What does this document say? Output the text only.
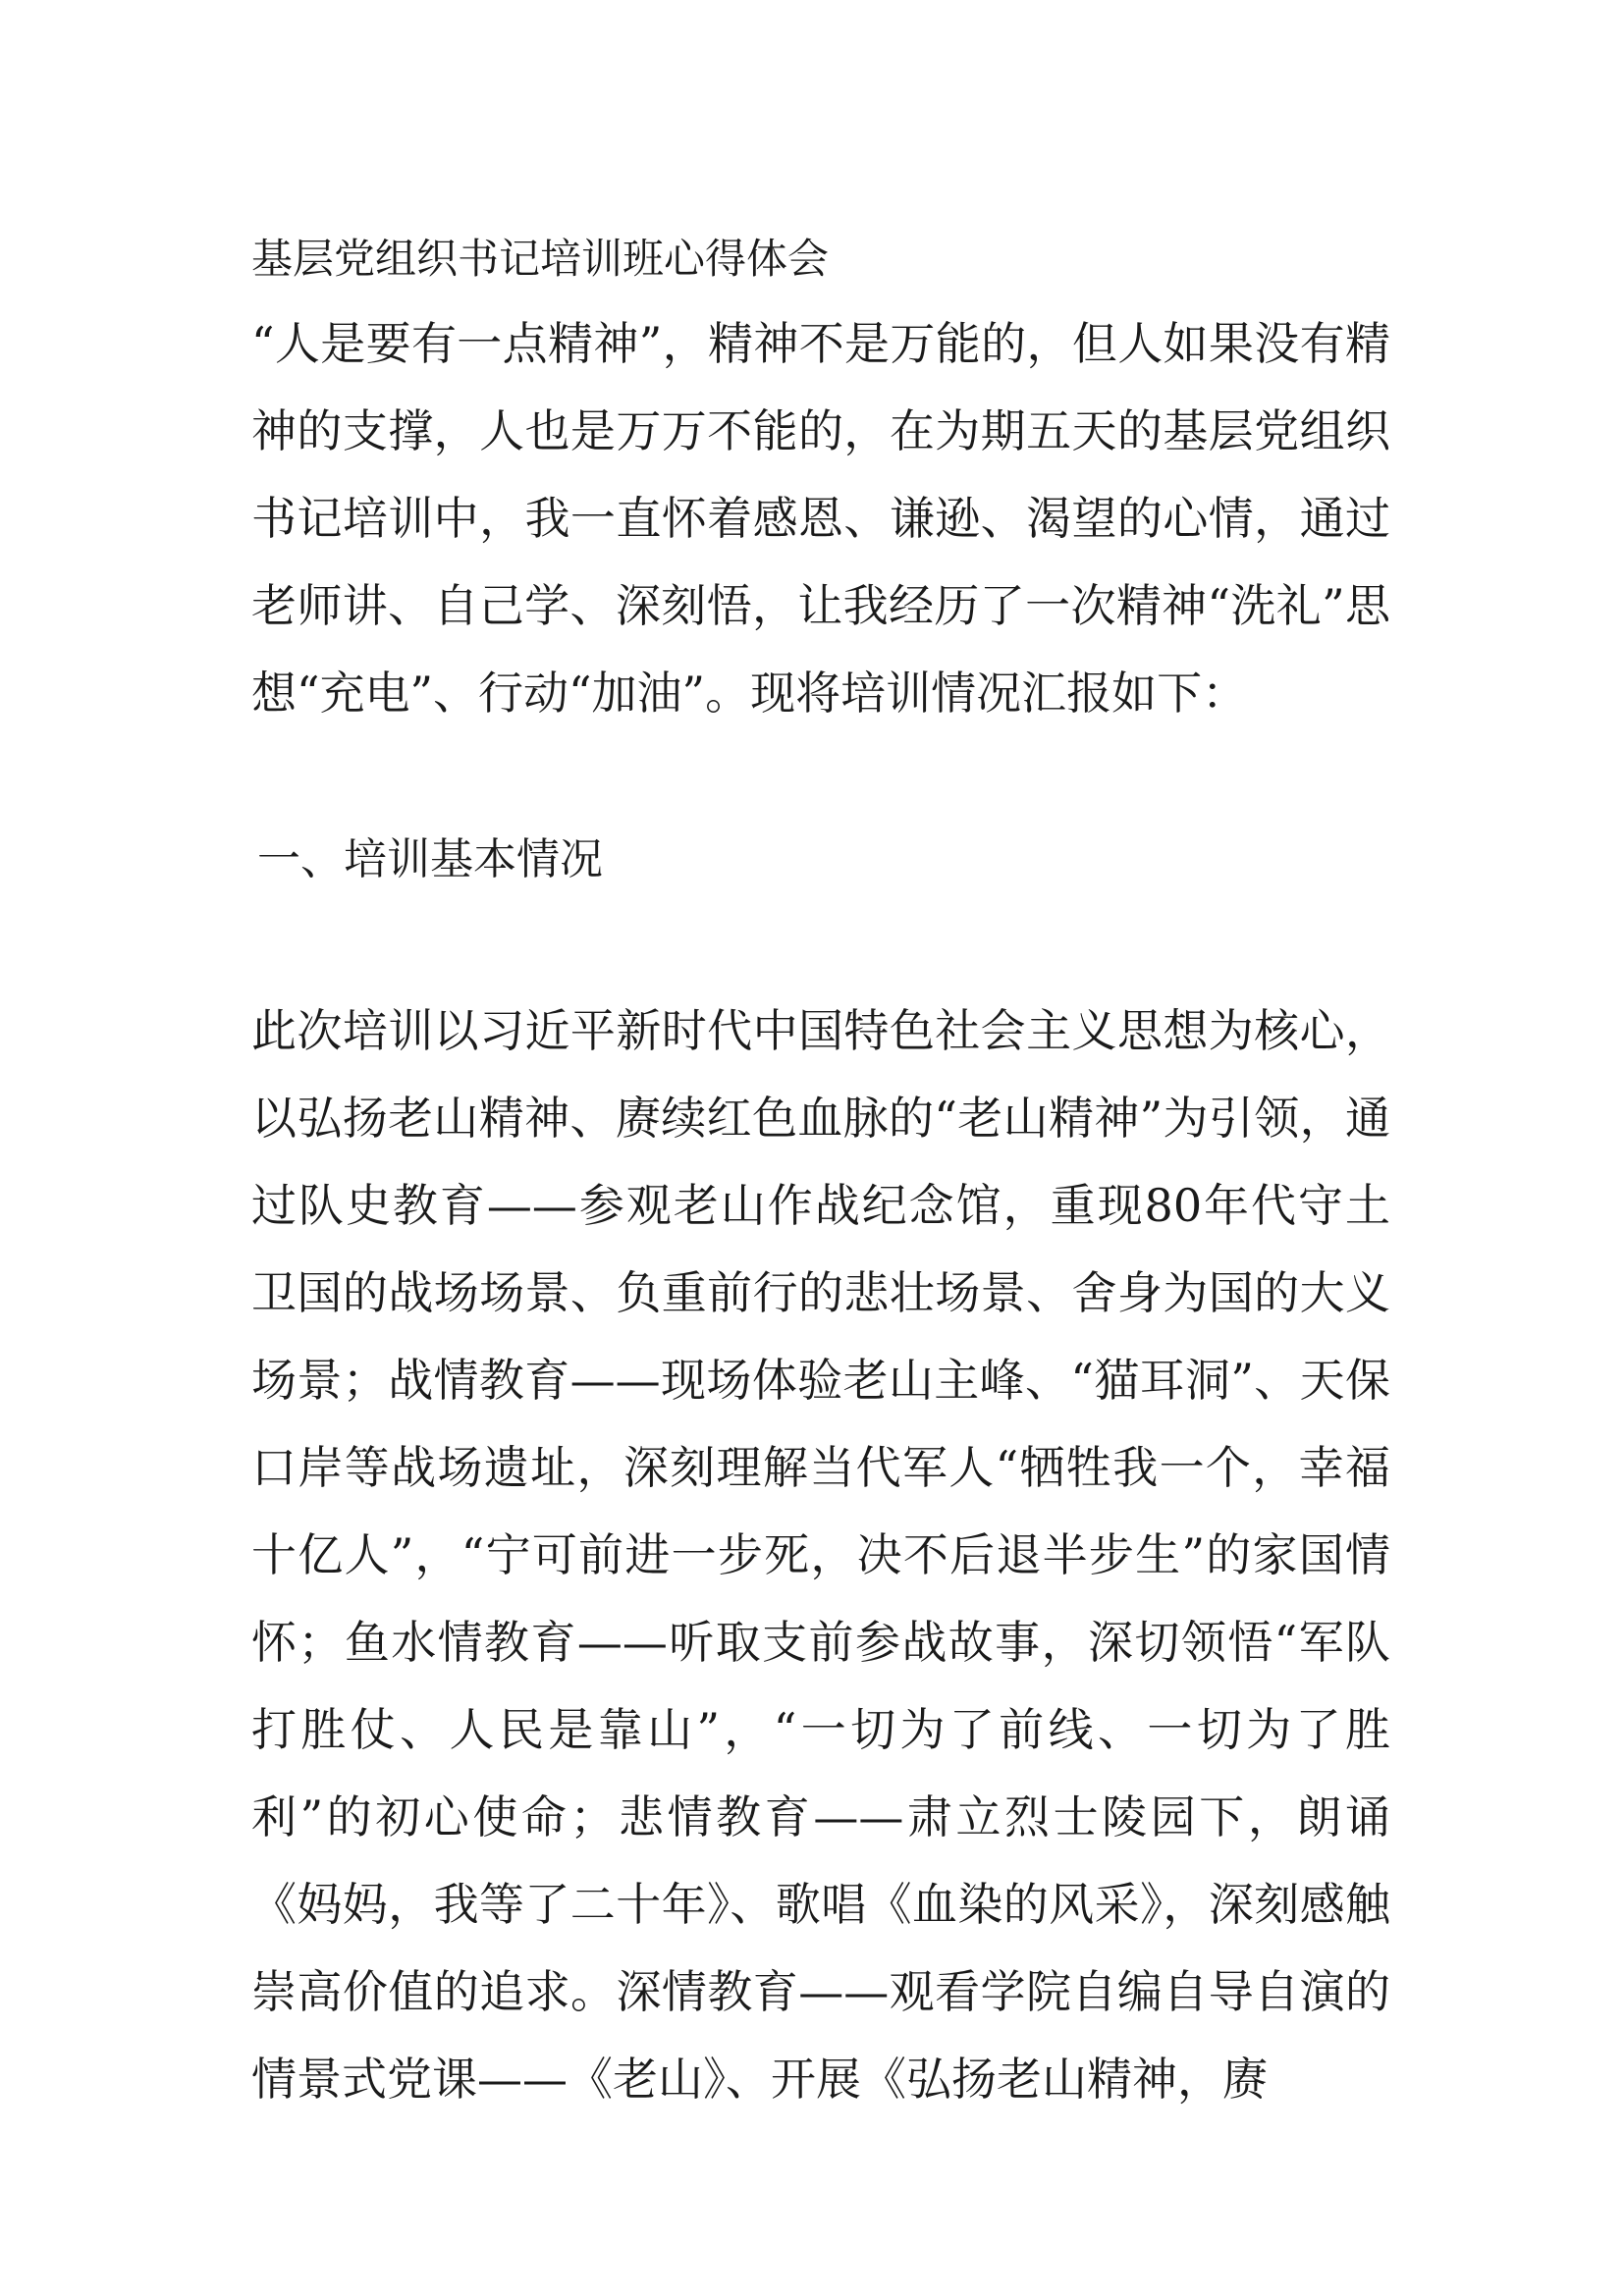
基层党组织书记培训班心得体会

“人是要有一点精神”，精神不是万能的，但人如果没有精神的支撑，人也是万万不能的，在为期五天的基层党组织书记培训中，我一直怀着感恩、谦逊、渴望的心情，通过老师讲、自己学、深刻悟，让我经历了一次精神“洗礼”思想“充电”、行动“加油”。现将培训情况汇报如下：

一、培训基本情况

此次培训以习近平新时代中国特色社会主义思想为核心，以弘扬老山精神、赓续红色血脉的“老山精神”为引领，通过队史教育——参观老山作战纪念馆，重现80年代守土卫国的战场场景、负重前行的悲壮场景、舍身为国的大义场景；战情教育——现场体验老山主峰、“猫耳洞”、天保口岸等战场遗址，深刻理解当代军人“牺牲我一个，幸福十亿人”，“宁可前进一步死，决不后退半步生”的家国情怀；鱼水情教育——听取支前参战故事，深切领悟“军队打胜仗、人民是靠山”，“一切为了前线、一切为了胜利”的初心使命；悲情教育——肃立烈士陵园下，朗诵《妈妈，我等了二十年》、歌唱《血染的风采》，深刻感触崇高价值的追求。深情教育——观看学院自编自导自演的情景式党课——《老山》、开展《弘扬老山精神，赓
